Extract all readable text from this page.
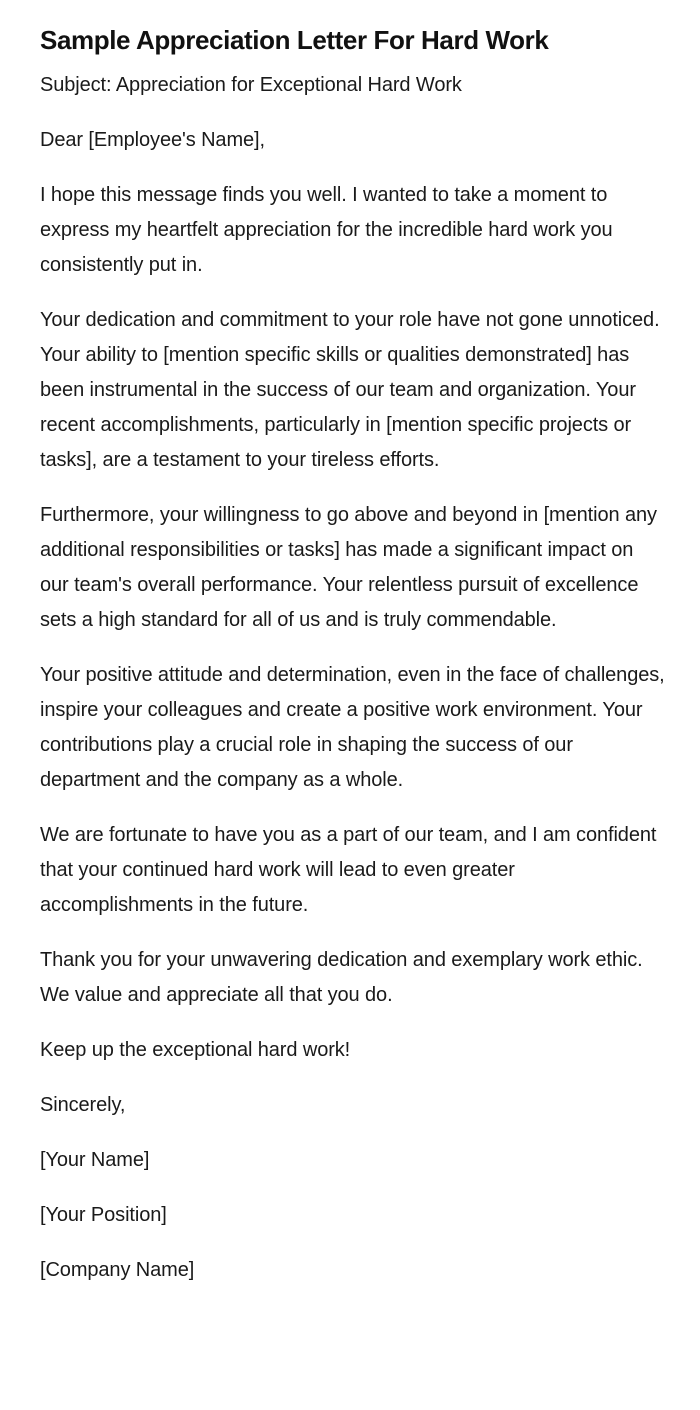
Sample Appreciation Letter For Hard Work

Subject: Appreciation for Exceptional Hard Work

Dear [Employee's Name],

I hope this message finds you well. I wanted to take a moment to express my heartfelt appreciation for the incredible hard work you consistently put in.

Your dedication and commitment to your role have not gone unnoticed. Your ability to [mention specific skills or qualities demonstrated] has been instrumental in the success of our team and organization. Your recent accomplishments, particularly in [mention specific projects or tasks], are a testament to your tireless efforts.

Furthermore, your willingness to go above and beyond in [mention any additional responsibilities or tasks] has made a significant impact on our team's overall performance. Your relentless pursuit of excellence sets a high standard for all of us and is truly commendable.

Your positive attitude and determination, even in the face of challenges, inspire your colleagues and create a positive work environment. Your contributions play a crucial role in shaping the success of our department and the company as a whole.

We are fortunate to have you as a part of our team, and I am confident that your continued hard work will lead to even greater accomplishments in the future.

Thank you for your unwavering dedication and exemplary work ethic. We value and appreciate all that you do.

Keep up the exceptional hard work!

Sincerely,

[Your Name]

[Your Position]

[Company Name]
